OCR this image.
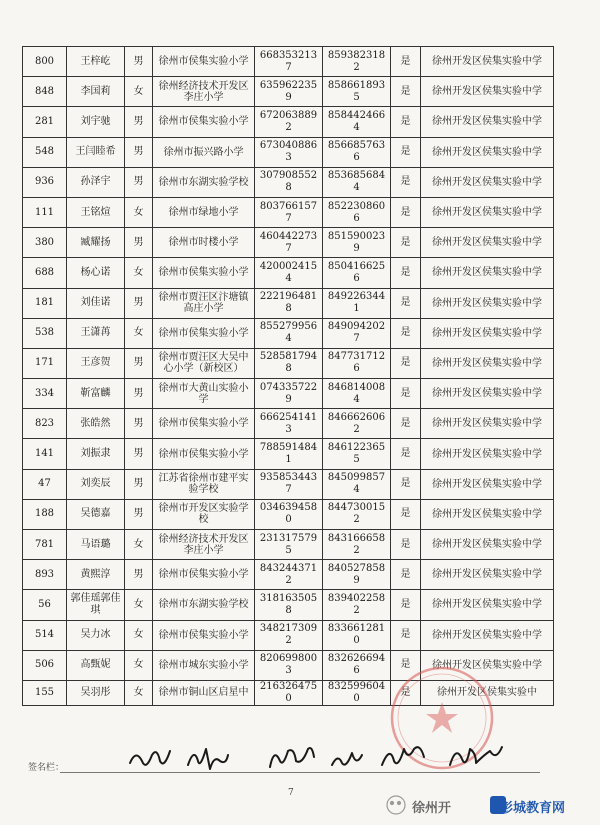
800	王梓屹	男	徐州市侯集实验小学	6683532137	8593823182	是	徐州开发区侯集实验中学
848	李国莉	女	徐州经济技术开发区李庄小学	6359622359	8586618935	是	徐州开发区侯集实验中学
281	刘宇驰	男	徐州市侯集实验小学	6720638892	8584424664	是	徐州开发区侯集实验中学
548	王闫睦希	男	徐州市振兴路小学	6730408863	8566857636	是	徐州开发区侯集实验中学
936	孙泽宇	男	徐州市东湖实验学校	3079085528	8536856844	是	徐州开发区侯集实验中学
111	王铭煊	女	徐州市绿地小学	8037661577	8522308606	是	徐州开发区侯集实验中学
380	臧耀扬	男	徐州市时楼小学	4604422737	8515900239	是	徐州开发区侯集实验中学
688	杨心诺	女	徐州市侯集实验小学	4200024154	8504166256	是	徐州开发区侯集实验中学
181	刘佳诺	男	徐州市贾汪区汴塘镇高庄小学	2221964818	8492263441	是	徐州开发区侯集实验中学
538	王潇苒	女	徐州市侯集实验小学	8552799564	8490942027	是	徐州开发区侯集实验中学
171	王彦贺	男	徐州市贾汪区大吴中心小学（新校区）	5285817948	8477317126	是	徐州开发区侯集实验中学
334	靳富麟	男	徐州市大黄山实验小学	0743357229	8468140084	是	徐州开发区侯集实验中学
823	张皓然	男	徐州市侯集实验小学	6662541413	8466626062	是	徐州开发区侯集实验中学
141	刘振隶	男	徐州市侯集实验小学	7885914841	8461223655	是	徐州开发区侯集实验中学
47	刘奕辰	男	江苏省徐州市建平实验学校	9358534437	8450998574	是	徐州开发区侯集实验中学
188	吴德嘉	男	徐州市开发区实验学校	0346394580	8447300152	是	徐州开发区侯集实验中学
781	马语璐	女	徐州经济技术开发区李庄小学	2313175795	8431666582	是	徐州开发区侯集实验中学
893	黄熙淳	男	徐州市侯集实验小学	8432443712	8405278589	是	徐州开发区侯集实验中学
56	郭佳瑶郭佳琪	女	徐州市东湖实验学校	3181635058	8394022582	是	徐州开发区侯集实验中学
514	吴力冰	女	徐州市侯集实验小学	3482173092	8336612810	是	徐州开发区侯集实验中学
506	高甄妮	女	徐州市城东实验小学	8206998003	8326266946	是	徐州开发区侯集实验中学
155	吴羽彤	女	徐州市铜山区启星中	2163264750	8325996040	是	徐州开发区侯集实验中
签名栏：
7
徐州开	彭城教育网
